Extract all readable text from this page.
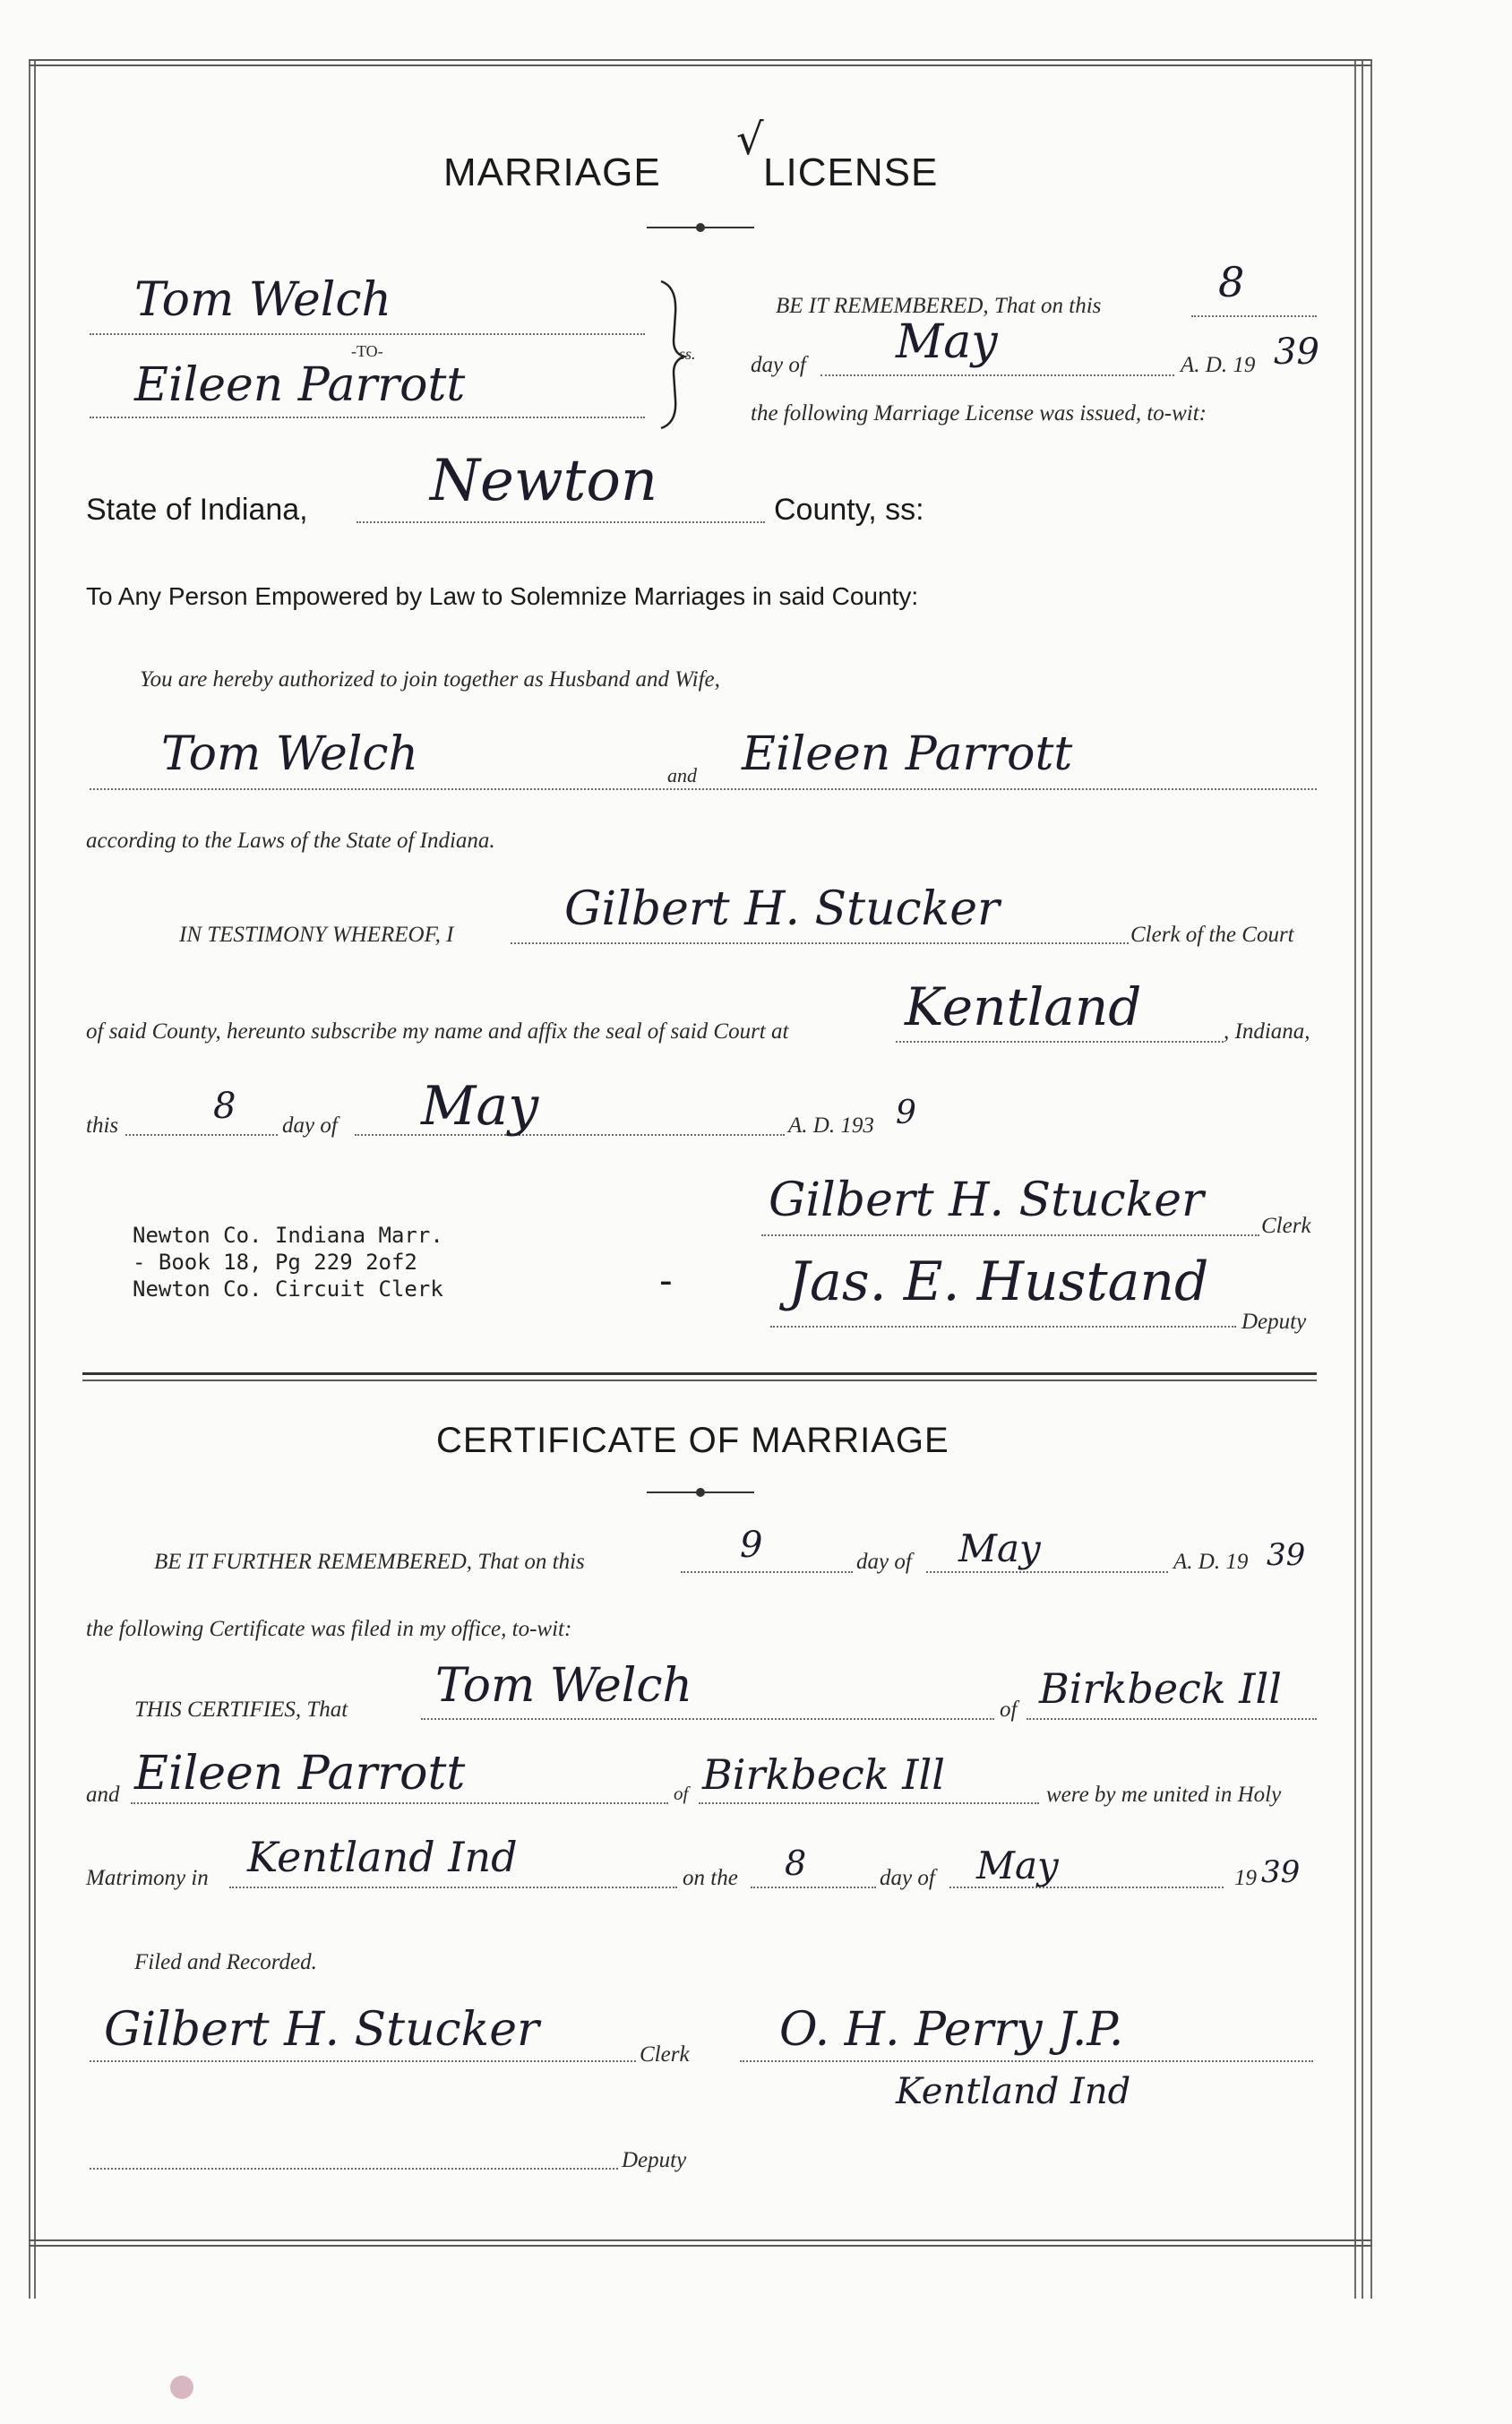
MARRIAGE
√
LICENSE
Tom Welch
-TO-
Eileen Parrott
ss.
BE IT REMEMBERED, That on this	8
day of May	A. D. 19 39
the following Marriage License was issued, to-wit:
State of Indiana, Newton	County, ss:
To Any Person Empowered by Law to Solemnize Marriages in said County:
You are hereby authorized to join together as Husband and Wife,
Tom Welch	and Eileen Parrott
according to the Laws of the State of Indiana.
IN TESTIMONY WHEREOF, I Gilbert H. Stucker	Clerk of the Court
of said County, hereunto subscribe my name and affix the seal of said Court at Kentland	, Indiana,
this	8 day of May	A. D. 193 9
Gilbert H. Stucker	Clerk
Newton Co. Indiana Marr.
- Book 18, Pg 229 2of2
Newton Co. Circuit Clerk	- Jas. E. Hustand
Deputy
CERTIFICATE OF MARRIAGE
BE IT FURTHER REMEMBERED, That on this	9	day of May	A. D. 19 39
the following Certificate was filed in my office, to-wit:
THIS CERTIFIES, That Tom Welch	of Birkbeck Ill
and Eileen Parrott	of Birkbeck Ill	were by me united in Holy
Matrimony in Kentland Ind	on the 8	day of May	19 39
Filed and Recorded.
Gilbert H. Stucker	Clerk O. H. Perry J.P.
Kentland Ind
Deputy
